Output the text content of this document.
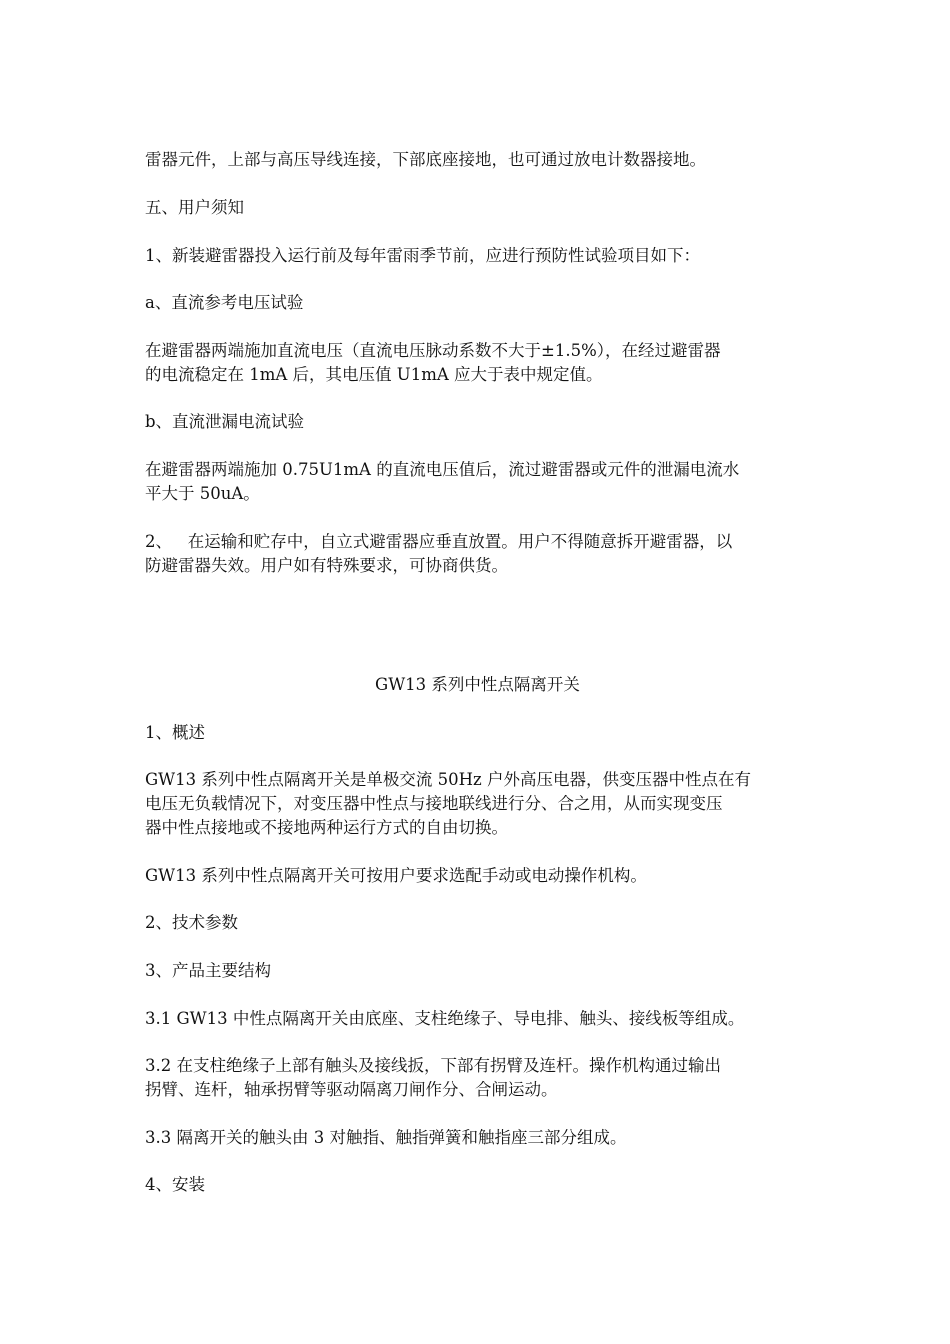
雷器元件，上部与高压导线连接，下部底座接地，也可通过放电计数器接地。
五、用户须知
1、新装避雷器投入运行前及每年雷雨季节前，应进行预防性试验项目如下：
a、直流参考电压试验
在避雷器两端施加直流电压（直流电压脉动系数不大于±1.5%），在经过避雷器
的电流稳定在 1mA 后，其电压值 U1mA 应大于表中规定值。
b、直流泄漏电流试验
在避雷器两端施加 0.75U1mA 的直流电压值后，流过避雷器或元件的泄漏电流水
平大于 50uA。
2、   在运输和贮存中，自立式避雷器应垂直放置。用户不得随意拆开避雷器，以
防避雷器失效。用户如有特殊要求，可协商供货。
GW13 系列中性点隔离开关
1、概述
GW13 系列中性点隔离开关是单极交流 50Hz 户外高压电器，供变压器中性点在有
电压无负载情况下，对变压器中性点与接地联线进行分、合之用，从而实现变压
器中性点接地或不接地两种运行方式的自由切换。
GW13 系列中性点隔离开关可按用户要求选配手动或电动操作机构。
2、技术参数
3、产品主要结构
3.1 GW13 中性点隔离开关由底座、支柱绝缘子、导电排、触头、接线板等组成。
3.2 在支柱绝缘子上部有触头及接线扳，下部有拐臂及连杆。操作机构通过输出
拐臂、连杆，轴承拐臂等驱动隔离刀闸作分、合闸运动。
3.3 隔离开关的触头由 3 对触指、触指弹簧和触指座三部分组成。
4、安装
